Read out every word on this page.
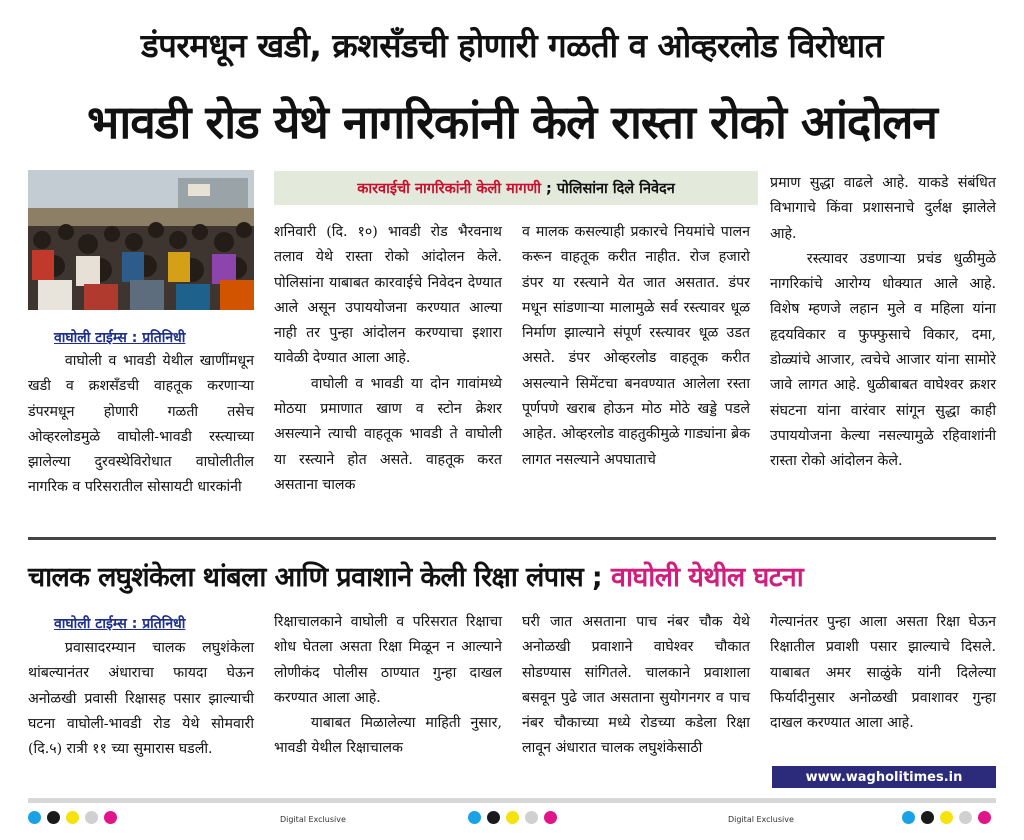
डंपरमधून खडी, क्रशसँडची होणारी गळती व ओव्हरलोड विरोधात
भावडी रोड येथे नागरिकांनी केले रास्ता रोको आंदोलन
वाघोली टाईम्स : प्रतिनिधी

वाघोली व भावडी येथील खाणींमधून खडी व क्रशसँडची वाहतूक करणाऱ्या डंपरमधून होणारी गळती तसेच ओव्हरलोडमुळे वाघोली-भावडी रस्त्याच्या झालेल्या दुरवस्थेविरोधात वाघोलीतील नागरिक व परिसरातील सोसायटी धारकांनी

कारवाईची नागरिकांनी केली मागणी
; पोलिसांना दिले निवेदन

शनिवारी (दि. १०) भावडी रोड भैरवनाथ तलाव येथे रास्ता रोको आंदोलन केले. पोलिसांना याबाबत कारवाईचे निवेदन देण्यात आले असून उपाययोजना करण्यात आल्या नाही तर पुन्हा आंदोलन करण्याचा इशारा यावेळी देण्यात आला आहे.

वाघोली व भावडी या दोन गावांमध्ये मोठया प्रमाणात खाण व स्टोन क्रेशर असल्याने त्याची वाहतूक भावडी ते वाघोली या रस्त्याने होत असते. वाहतूक करत असताना चालक

व मालक कसल्याही प्रकारचे नियमांचे पालन करून वाहतूक करीत नाहीत. रोज हजारो डंपर या रस्त्याने येत जात असतात. डंपर मधून सांडणाऱ्या मालामुळे सर्व रस्त्यावर धूळ निर्माण झाल्याने संपूर्ण रस्त्यावर धूळ उडत असते. डंपर ओव्हरलोड वाहतूक करीत असल्याने सिमेंटचा बनवण्यात आलेला रस्ता पूर्णपणे खराब होऊन मोठ मोठे खड्डे पडले आहेत. ओव्हरलोड वाहतुकीमुळे गाड्यांना ब्रेक लागत नसल्याने अपघाताचे

प्रमाण सुद्धा वाढले आहे. याकडे संबंधित विभागाचे किंवा प्रशासनाचे दुर्लक्ष झालेले आहे.

रस्त्यावर उडणाऱ्या प्रचंड धुळीमुळे नागरिकांचे आरोग्य धोक्यात आले आहे. विशेष म्हणजे लहान मुले व महिला यांना हृदयविकार व फुफ्फुसाचे विकार, दमा, डोळ्यांचे आजार, त्वचेचे आजार यांना सामोरे जावे लागत आहे. धुळीबाबत वाघेश्वर क्रशर संघटना यांना वारंवार सांगून सुद्धा काही उपाययोजना केल्या नसल्यामुळे रहिवाशांनी रास्ता रोको आंदोलन केले.

चालक लघुशंकेला थांबला आणि प्रवाशाने केली रिक्षा लंपास ; वाघोली येथील घटना
वाघोली टाईम्स : प्रतिनिधी

प्रवासादरम्यान चालक लघुशंकेला थांबल्यानंतर अंधाराचा फायदा घेऊन अनोळखी प्रवासी रिक्षासह पसार झाल्याची घटना वाघोली-भावडी रोड येथे सोमवारी (दि.५) रात्री ११ च्या सुमारास घडली.

रिक्षाचालकाने वाघोली व परिसरात रिक्षाचा शोध घेतला असता रिक्षा मिळून न आल्याने लोणीकंद पोलीस ठाण्यात गुन्हा दाखल करण्यात आला आहे.

याबाबत मिळालेल्या माहिती नुसार, भावडी येथील रिक्षाचालक

घरी जात असताना पाच नंबर चौक येथे अनोळखी प्रवाशाने वाघेश्वर चौकात सोडण्यास सांगितले. चालकाने प्रवाशाला बसवून पुढे जात असताना सुयोगनगर व पाच नंबर चौकाच्या मध्ये रोडच्या कडेला रिक्षा लावून अंधारात चालक लघुशंकेसाठी

गेल्यानंतर पुन्हा आला असता रिक्षा घेऊन रिक्षातील प्रवाशी पसार झाल्याचे दिसले. याबाबत अमर साळुंके यांनी दिलेल्या फिर्यादीनुसार अनोळखी प्रवाशावर गुन्हा दाखल करण्यात आला आहे.

www.wagholitimes.in
Digital Exclusive	Digital Exclusive
